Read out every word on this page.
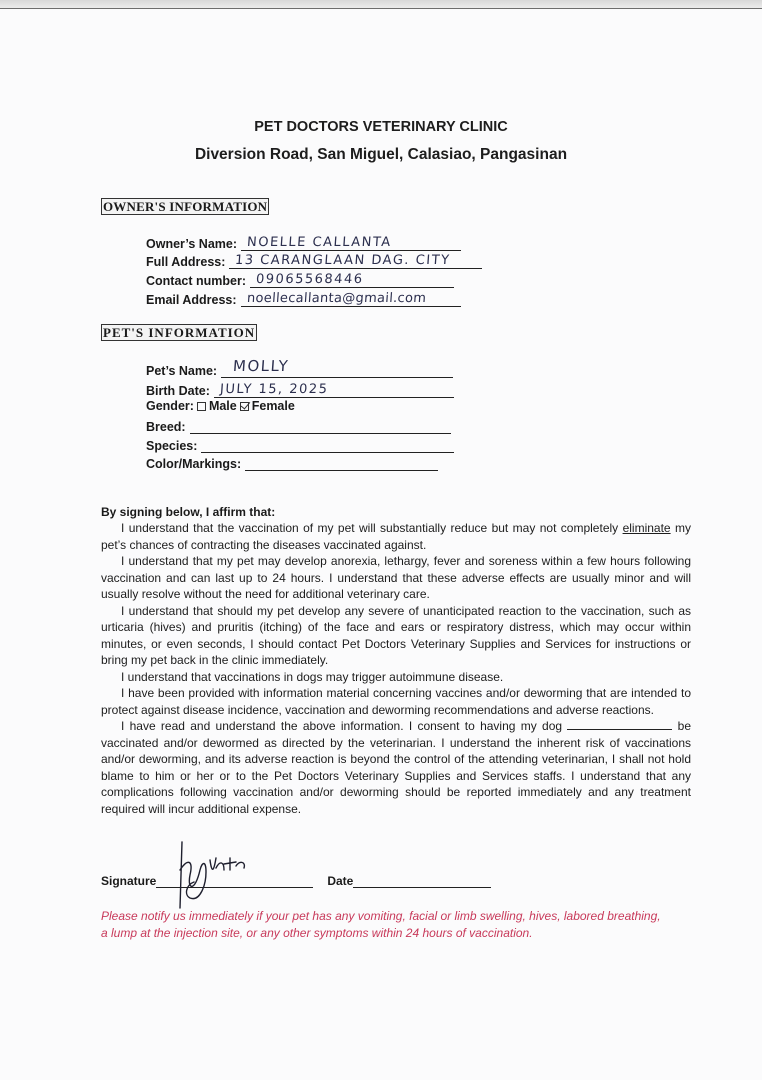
PET DOCTORS VETERINARY CLINIC
Diversion Road, San Miguel, Calasiao, Pangasinan
OWNER'S INFORMATION
Owner’s Name: NOELLE CALLANTA
Full Address: 13 CARANGLAAN DAG. CITY
Contact number: 09065568446
Email Address: noellecallanta@gmail.com
PET'S INFORMATION
Pet’s Name: MOLLY
Birth Date: JULY 15, 2025
Gender: Male Female
Breed:
Species:
Color/Markings:
By signing below, I affirm that:

I understand that the vaccination of my pet will substantially reduce but may not completely eliminate my pet’s chances of contracting the diseases vaccinated against.

I understand that my pet may develop anorexia, lethargy, fever and soreness within a few hours following vaccination and can last up to 24 hours. I understand that these adverse effects are usually minor and will usually resolve without the need for additional veterinary care.

I understand that should my pet develop any severe of unanticipated reaction to the vaccination, such as urticaria (hives) and pruritis (itching) of the face and ears or respiratory distress, which may occur within minutes, or even seconds, I should contact Pet Doctors Veterinary Supplies and Services for instructions or bring my pet back in the clinic immediately.

I understand that vaccinations in dogs may trigger autoimmune disease.

I have been provided with information material concerning vaccines and/or deworming that are intended to protect against disease incidence, vaccination and deworming recommendations and adverse reactions.

I have read and understand the above information. I consent to having my dog	be vaccinated and/or dewormed as directed by the veterinarian. I understand the inherent risk of vaccinations and/or deworming, and its adverse reaction is beyond the control of the attending veterinarian, I shall not hold blame to him or her or to the Pet Doctors Veterinary Supplies and Services staffs. I understand that any complications following vaccination and/or deworming should be reported immediately and any treatment required will incur additional expense.

Signature	Date
Please notify us immediately if your pet has any vomiting, facial or limb swelling, hives, labored breathing, a lump at the injection site, or any other symptoms within 24 hours of vaccination.
